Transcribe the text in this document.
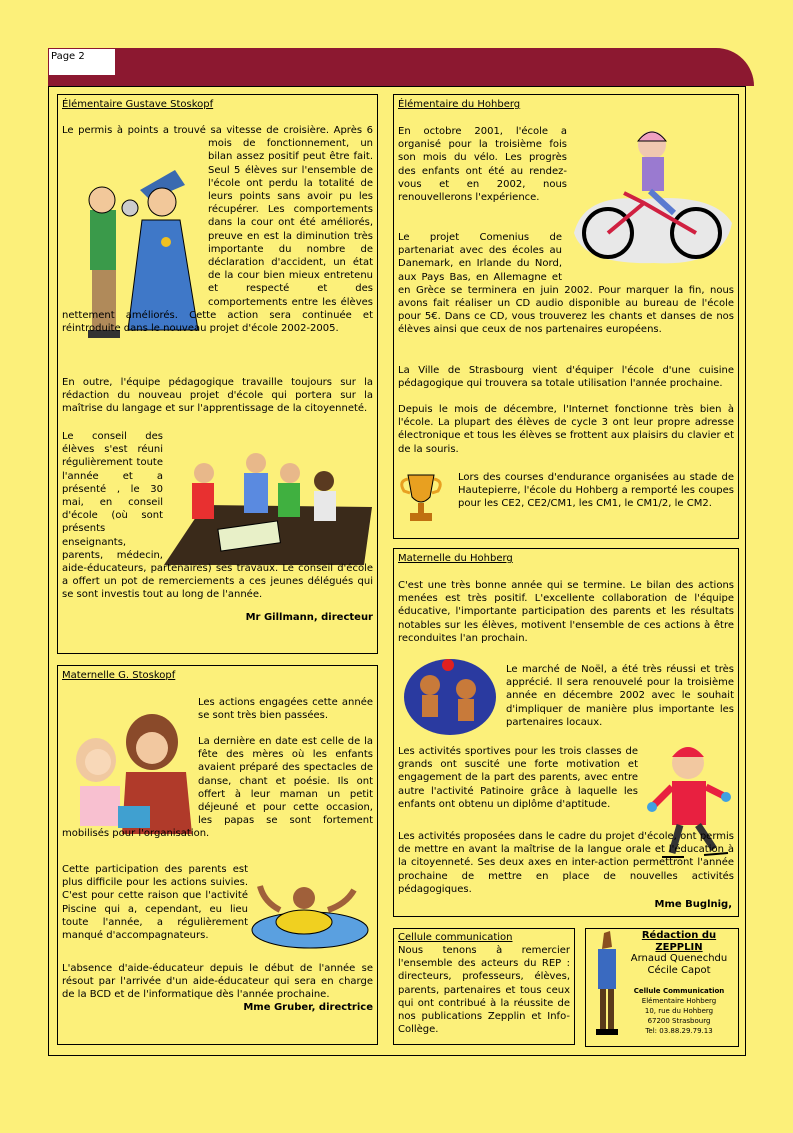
Page 2
Élémentaire Gustave Stoskopf
Le permis à points a trouvé sa vitesse de croisière. Après 6 mois de fonctionnement, un bilan assez positif peut être fait. Seul 5 élèves sur l'ensemble de l'école ont perdu la totalité de leurs points sans avoir pu les récupérer. Les comportements dans la cour ont été améliorés, preuve en est la diminution très importante du nombre de déclaration d'accident, un état de la cour bien mieux entretenu et respecté et des comportements entre les élèves nettement améliorés. Cette action sera continuée et réintroduite dans le nouveau projet d'école 2002-2005.
En outre, l'équipe pédagogique travaille toujours sur la rédaction du nouveau projet d'école qui portera sur la maîtrise du langage et sur l'apprentissage de la citoyenneté.
Le conseil des élèves s'est réuni régulièrement toute l'année et a présenté , le 30 mai, en conseil d'école (où sont présents enseignants, parents, médecin, aide-éducateurs, partenaires) ses travaux. Le conseil d'école a offert un pot de remerciements a ces jeunes délégués qui se sont investis tout au long de l'année.
Mr Gillmann, directeur
Maternelle G. Stoskopf
Les actions engagées cette année se sont très bien passées.
La dernière en date est celle de la fête des mères où les enfants avaient préparé des spectacles de danse, chant et poésie. Ils ont offert à leur maman un petit déjeuné et pour cette occasion, les papas se sont fortement mobilisés pour l'organisation.
Cette participation des parents est plus difficile pour les actions suivies. C'est pour cette raison que l'activité Piscine qui a, cependant, eu lieu toute l'année, a régulièrement manqué d'accompagnateurs.
L'absence d'aide-éducateur depuis le début de l'année se résout par l'arrivée d'un aide-éducateur qui sera en charge de la BCD et de l'informatique dès l'année prochaine.
Mme Gruber, directrice
Élémentaire du Hohberg
En octobre 2001, l'école a organisé pour la troisième fois son mois du vélo. Les progrès des enfants ont été au rendez-vous et en 2002, nous renouvellerons l'expérience.
Le projet Comenius de partenariat avec des écoles au Danemark, en Irlande du Nord, aux Pays Bas, en Allemagne et en Grèce se terminera en juin 2002. Pour marquer la fin, nous avons fait réaliser un CD audio disponible au bureau de l'école pour 5€. Dans ce CD, vous trouverez les chants et danses de nos élèves ainsi que ceux de nos partenaires européens.
La Ville de Strasbourg vient d'équiper l'école d'une cuisine pédagogique qui trouvera sa totale utilisation l'année prochaine.
Depuis le mois de décembre, l'Internet fonctionne très bien à l'école. La plupart des élèves de cycle 3 ont leur propre adresse électronique et tous les élèves se frottent aux plaisirs du clavier et de la souris.
Lors des courses d'endurance organisées au stade de Hautepierre, l'école du Hohberg a remporté les coupes pour les CE2, CE2/CM1, les CM1, le CM1/2, le CM2.
Maternelle du Hohberg
C'est une très bonne année qui se termine. Le bilan des actions menées est très positif. L'excellente collaboration de l'équipe éducative, l'importante participation des parents et les résultats notables sur les élèves, motivent l'ensemble de ces actions à être reconduites l'an prochain.
Le marché de Noël, a été très réussi et très apprécié. Il sera renouvelé pour la troisième année en décembre 2002 avec le souhait d'impliquer de manière plus importante les partenaires locaux.
Les activités sportives pour les trois classes de grands ont suscité une forte motivation et engagement de la part des parents, avec entre autre l'activité Patinoire grâce à laquelle les enfants ont obtenu un diplôme d'aptitude.
Les activités proposées dans le cadre du projet d'école, ont permis de mettre en avant la maîtrise de la langue orale et l'éducation à la citoyenneté. Ses deux axes en inter-action permettront l'année prochaine de mettre en place de nouvelles activités pédagogiques.
Mme Buglnig,
Cellule communication
Nous tenons à remercier l'ensemble des acteurs du REP : directeurs, professeurs, élèves, parents, partenaires et tous ceux qui ont contribué à la réussite de nos publications Zepplin et Info-Collège.
Rédaction du ZEPPLIN
Arnaud Quenechdu
Cécile Capot
Cellule Communication
Elémentaire Hohberg
10, rue du Hohberg
67200 Strasbourg
Tel: 03.88.29.79.13
